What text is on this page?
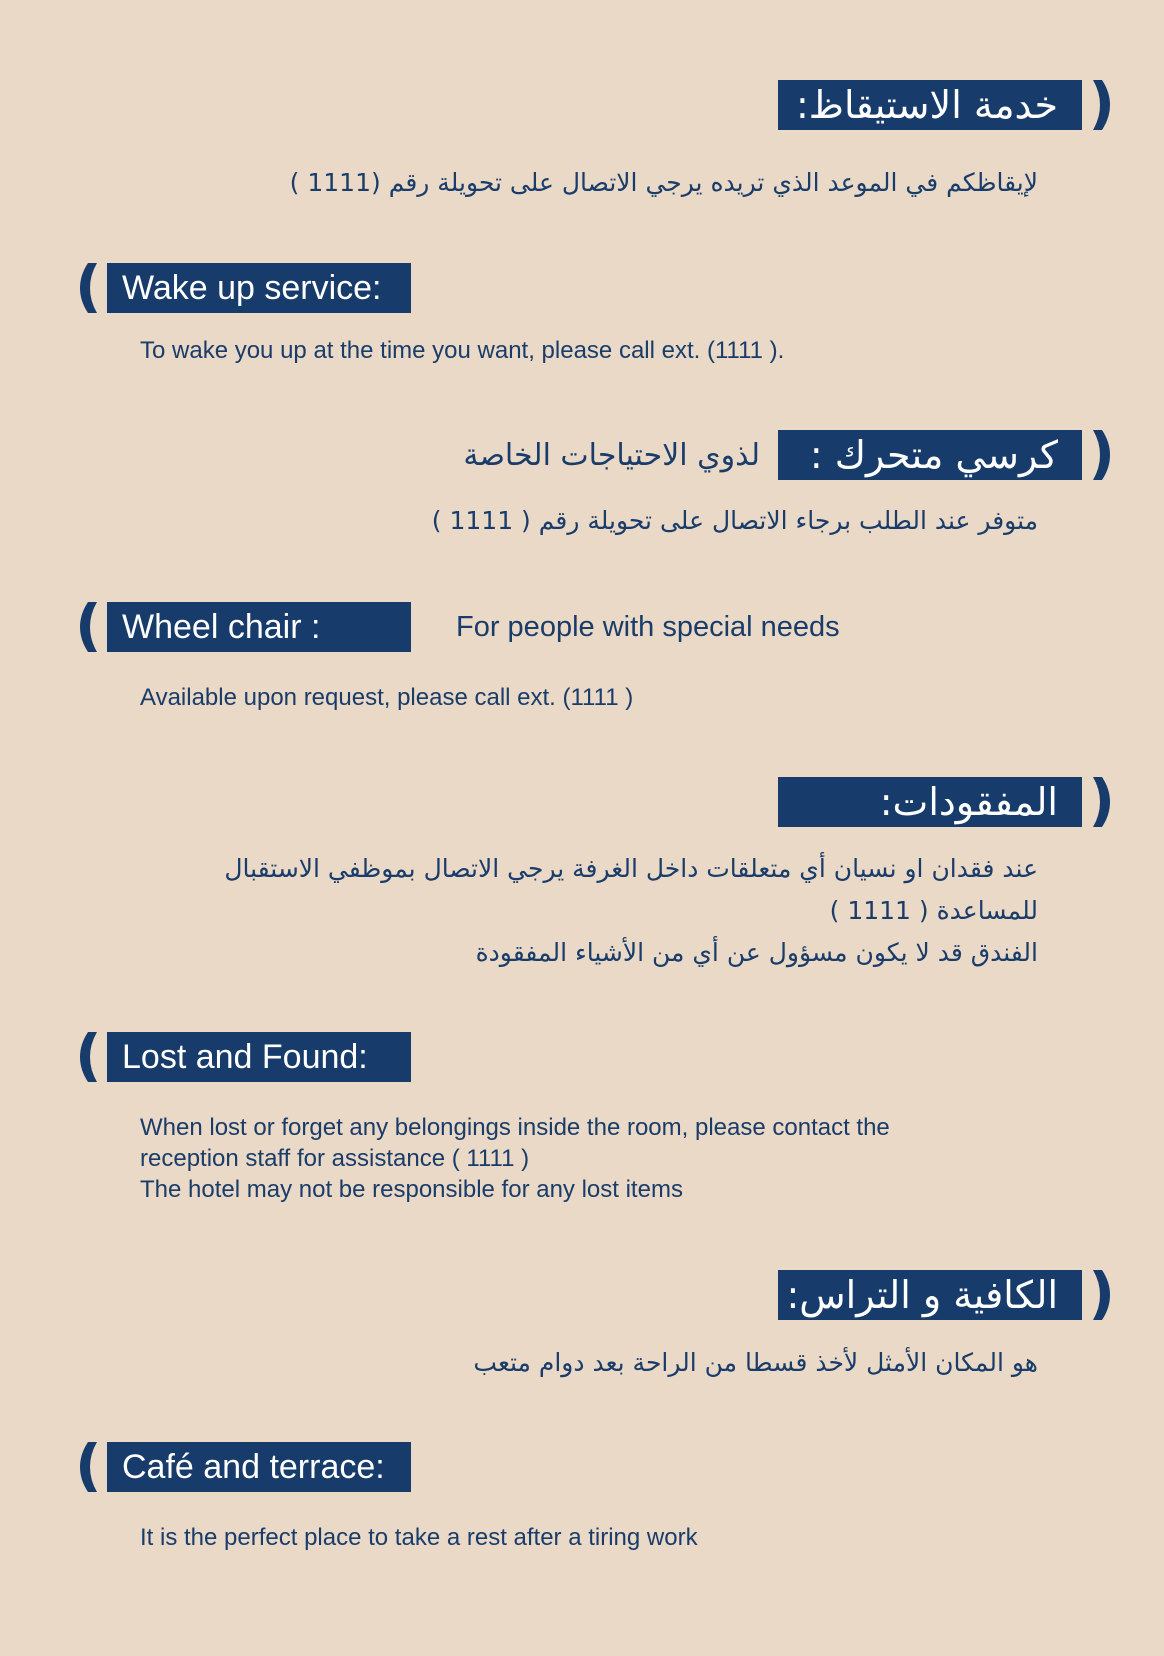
خدمة الاستيقاظ:
لإيقاظكم في الموعد الذي تريده يرجي الاتصال على تحويلة رقم (1111 )
Wake up service:
To wake you up at the time you want, please call ext. (1111 ).
كرسي متحرك :
لذوي الاحتياجات الخاصة
متوفر عند الطلب برجاء الاتصال على تحويلة رقم ( 1111 )
Wheel chair :	For people with special needs
Available upon request, please call ext. (1111 )
المفقودات:
عند فقدان او نسيان أي متعلقات داخل الغرفة يرجي الاتصال بموظفي الاستقبال
للمساعدة ( 1111 )
الفندق قد لا يكون مسؤول عن أي من الأشياء المفقودة
Lost and Found:
When lost or forget any belongings inside the room, please contact the
reception staff for assistance ( 1111 )
The hotel may not be responsible for any lost items
الكافية و التراس:
هو المكان الأمثل لأخذ قسطا من الراحة بعد دوام متعب
Café and terrace:
It is the perfect place to take a rest after a tiring work
